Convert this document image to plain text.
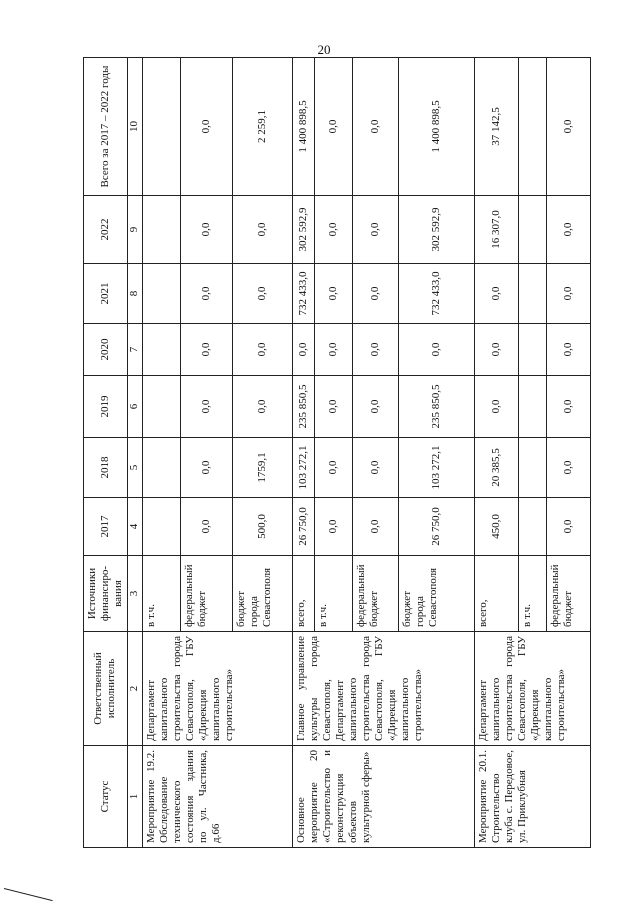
20
Статус	Ответственный исполнитель	Источники финансиро-вания	2017	2018	2019	2020	2021	2022	Всего за 2017 – 2022 годы
1	2	3	4	5	6	7	8	9	10
Мероприятие 19.2. Обследование технического состояния здания по ул. Частника, д.66	Департамент капитального строительства города Севастополя, ГБУ «Дирекция капитального строительства»	в т.ч.							
		федеральный бюджет	0,0	0,0	0,0	0,0	0,0	0,0	0,0
		бюджет города Севастополя	500,0	1759,1	0,0	0,0	0,0	0,0	2 259,1
Основное мероприятие 20 «Строительство и реконструкция объектов культурной сферы»	Главное управление культуры города Севастополя, Департамент капитального строительства города Севастополя, ГБУ «Дирекция капитального строительства»	всего,	26 750,0	103 272,1	235 850,5	0,0	732 433,0	302 592,9	1 400 898,5
		в т.ч.	0,0	0,0	0,0	0,0	0,0	0,0	0,0
		федеральный бюджет	0,0	0,0	0,0	0,0	0,0	0,0	0,0
		бюджет города Севастополя	26 750,0	103 272,1	235 850,5	0,0	732 433,0	302 592,9	1 400 898,5
Мероприятие 20.1. Строительство клуба с. Передовое, ул. Приклубная	Департамент капитального строительства города Севастополя, ГБУ «Дирекция капитального строительства»	всего,	450,0	20 385,5	0,0	0,0	0,0	16 307,0	37 142,5
		в т.ч.							
		федеральный бюджет	0,0	0,0	0,0	0,0	0,0	0,0	0,0
